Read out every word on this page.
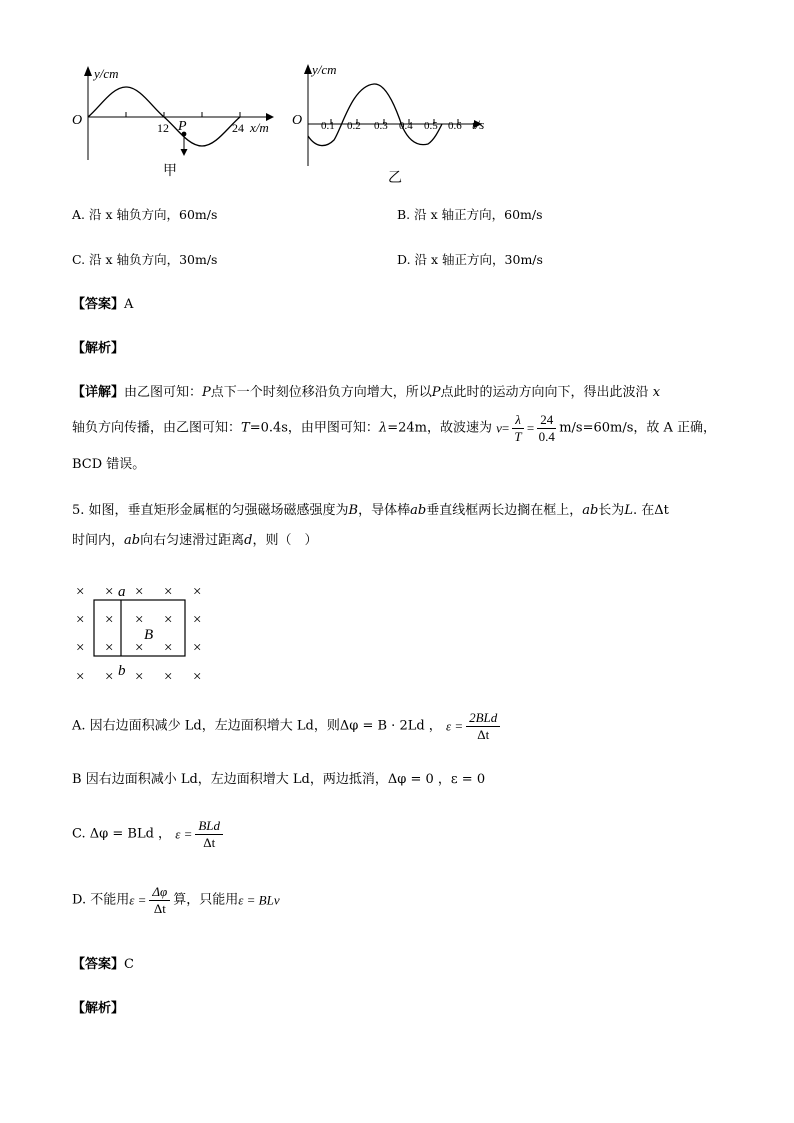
y/cm
O	12 P	24 x/m
甲
y/cm
O 0.1 0.2 0.3 0.4 0.5 0.6 t/s
乙
A. 沿 x 轴负方向，60m/s	B. 沿 x 轴正方向，60m/s
C. 沿 x 轴负方向，30m/s	D. 沿 x 轴正方向，30m/s
【答案】A
【解析】
【详解】由乙图可知：P点下一个时刻位移沿负方向增大，所以P点此时的运动方向向下，得出此波沿 x
轴负方向传播，由乙图可知：T=0.4s，由甲图可知：λ=24m，故波速为 $v= \frac{\lambda}{T} = \frac{24}{0.4} m/s=60m/s$，故 A 正确，
BCD 错误。
5. 如图，垂直矩形金属框的匀强磁场磁感强度为B，导体棒ab垂直线框两长边搁在框上，ab长为L. 在Δt
时间内，ab向右匀速滑过距离d，则（　）
× × × × ×
× × × × ×
× × × × ×
× × × × ×
a
b
B
A. 因右边面积减少 Ld，左边面积增大 Ld，则Δφ = B · 2Ld ， $\varepsilon = \frac{\text{2BLd}}{\Delta t}$
B 因右边面积减小 Ld，左边面积增大 Ld，两边抵消，Δφ = 0 ，ε = 0
C. Δφ = BLd ， $\varepsilon = \frac{\text{BLd}}{\Delta t}$
D. 不能用$\varepsilon = \frac{\Delta\varphi}{\Delta t}$ 算，只能用ε = BLv
【答案】C
【解析】
